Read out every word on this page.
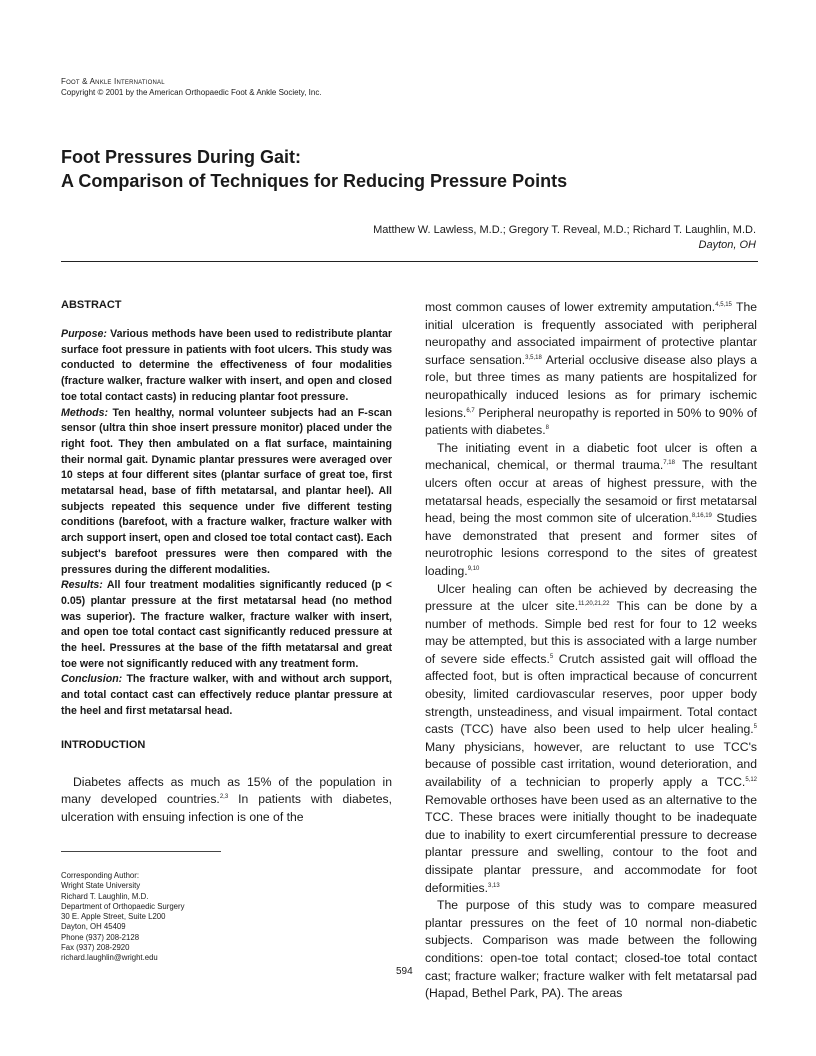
Foot & Ankle International
Copyright © 2001 by the American Orthopaedic Foot & Ankle Society, Inc.
Foot Pressures During Gait:
A Comparison of Techniques for Reducing Pressure Points
Matthew W. Lawless, M.D.; Gregory T. Reveal, M.D.; Richard T. Laughlin, M.D.
Dayton, OH
ABSTRACT

Purpose: Various methods have been used to redistribute plantar surface foot pressure in patients with foot ulcers. This study was conducted to determine the effectiveness of four modalities (fracture walker, fracture walker with insert, and open and closed toe total contact casts) in reducing plantar foot pressure.
Methods: Ten healthy, normal volunteer subjects had an F-scan sensor (ultra thin shoe insert pressure monitor) placed under the right foot. They then ambulated on a flat surface, maintaining their normal gait. Dynamic plantar pressures were averaged over 10 steps at four different sites (plantar surface of great toe, first metatarsal head, base of fifth metatarsal, and plantar heel). All subjects repeated this sequence under five different testing conditions (barefoot, with a fracture walker, fracture walker with arch support insert, open and closed toe total contact cast). Each subject's barefoot pressures were then compared with the pressures during the different modalities.
Results: All four treatment modalities significantly reduced (p < 0.05) plantar pressure at the first metatarsal head (no method was superior). The fracture walker, fracture walker with insert, and open toe total contact cast significantly reduced pressure at the heel. Pressures at the base of the fifth metatarsal and great toe were not significantly reduced with any treatment form.
Conclusion: The fracture walker, with and without arch support, and total contact cast can effectively reduce plantar pressure at the heel and first metatarsal head.

INTRODUCTION

Diabetes affects as much as 15% of the population in many developed countries.$^{2,3}$ In patients with diabetes, ulceration with ensuing infection is one of the

most common causes of lower extremity amputation.$^{4,5,15}$ The initial ulceration is frequently associated with peripheral neuropathy and associated impairment of protective plantar surface sensation.$^{3,5,18}$ Arterial occlusive disease also plays a role, but three times as many patients are hospitalized for neuropathically induced lesions as for primary ischemic lesions.$^{6,7}$ Peripheral neuropathy is reported in 50% to 90% of patients with diabetes.$^8$

The initiating event in a diabetic foot ulcer is often a mechanical, chemical, or thermal trauma.$^{7,18}$ The resultant ulcers often occur at areas of highest pressure, with the metatarsal heads, especially the sesamoid or first metatarsal head, being the most common site of ulceration.$^{8,16,19}$ Studies have demonstrated that present and former sites of neurotrophic lesions correspond to the sites of greatest loading.$^{9,10}$

Ulcer healing can often be achieved by decreasing the pressure at the ulcer site.$^{11,20,21,22}$ This can be done by a number of methods. Simple bed rest for four to 12 weeks may be attempted, but this is associated with a large number of severe side effects.$^5$ Crutch assisted gait will offload the affected foot, but is often impractical because of concurrent obesity, limited cardiovascular reserves, poor upper body strength, unsteadiness, and visual impairment. Total contact casts (TCC) have also been used to help ulcer healing.$^5$ Many physicians, however, are reluctant to use TCC's because of possible cast irritation, wound deterioration, and availability of a technician to properly apply a TCC.$^{5,12}$ Removable orthoses have been used as an alternative to the TCC. These braces were initially thought to be inadequate due to inability to exert circumferential pressure to decrease plantar pressure and swelling, contour to the foot and dissipate plantar pressure, and accommodate for foot deformities.$^{3,13}$

The purpose of this study was to compare measured plantar pressures on the feet of 10 normal non-diabetic subjects. Comparison was made between the following conditions: open-toe total contact; closed-toe total contact cast; fracture walker; fracture walker with felt metatarsal pad (Hapad, Bethel Park, PA). The areas

Corresponding Author:
Wright State University
Richard T. Laughlin, M.D.
Department of Orthopaedic Surgery
30 E. Apple Street, Suite L200
Dayton, OH 45409
Phone (937) 208-2128
Fax (937) 208-2920
richard.laughlin@wright.edu
594
